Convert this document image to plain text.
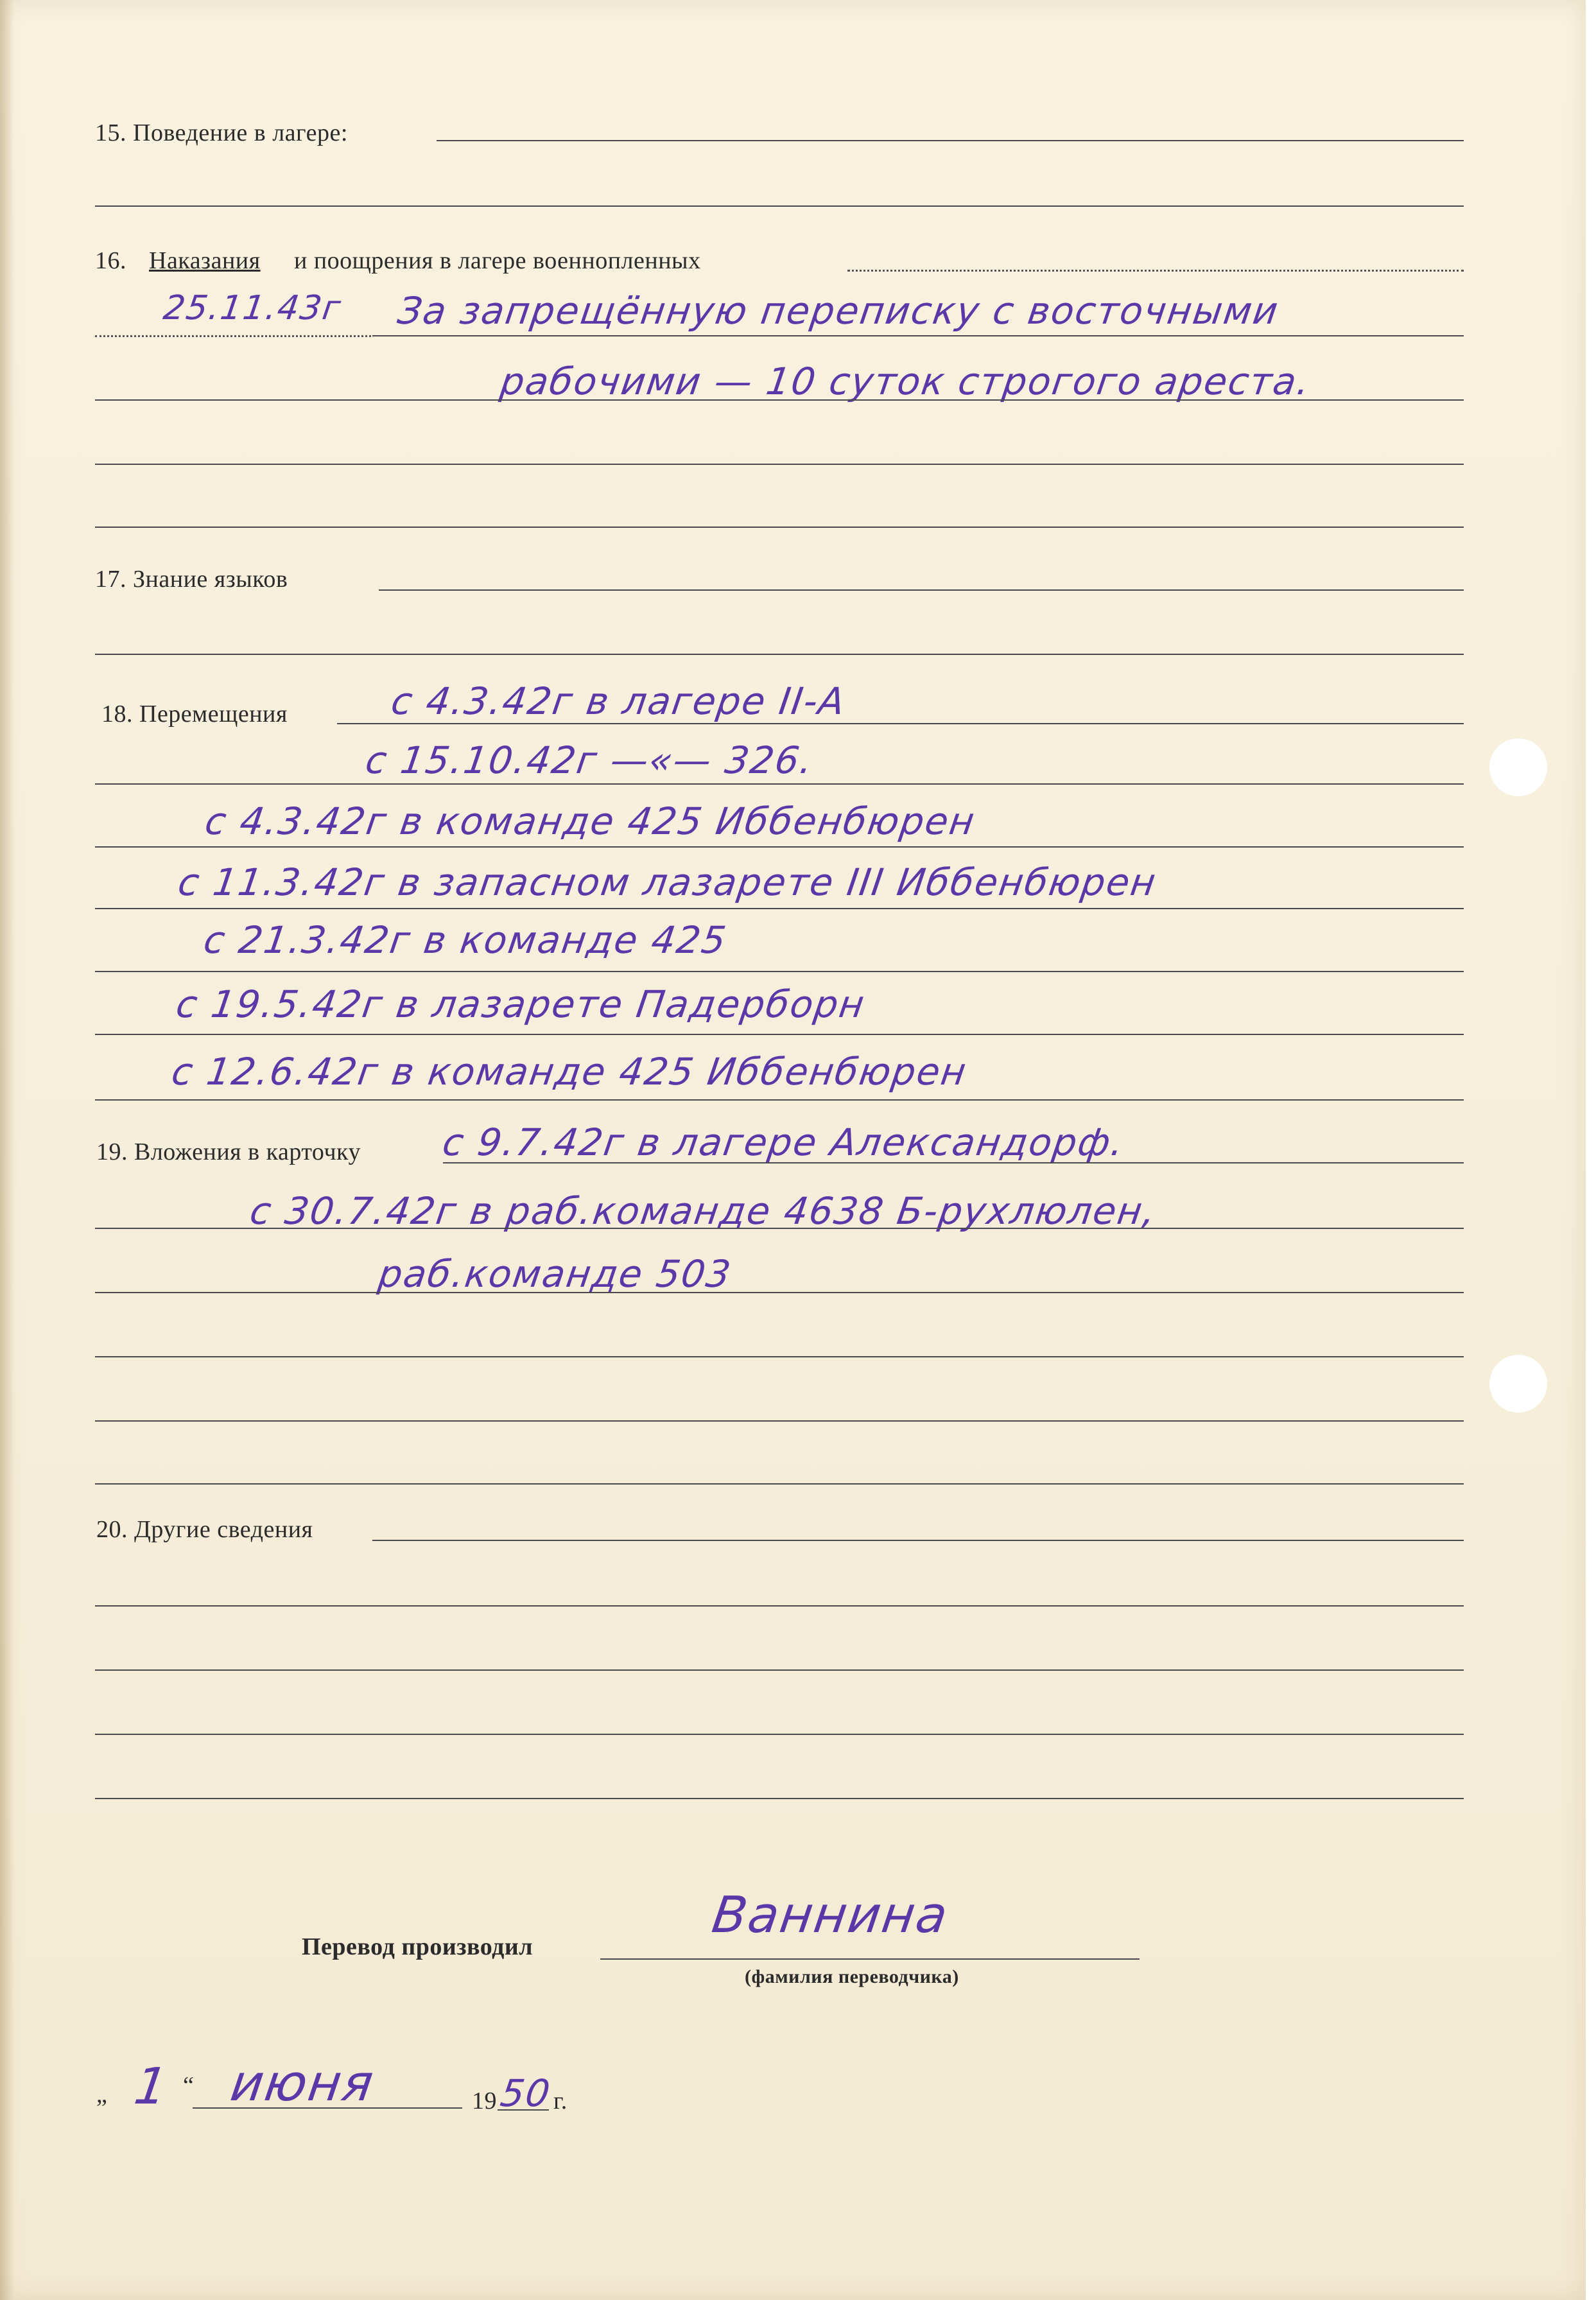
15. Поведение в лагере:
16. Наказания и поощрения в лагере военнопленных
25.11.43г За запрещённую переписку с восточными
рабочими — 10 суток строгого ареста.
17. Знание языков
18. Перемещения	с 4.3.42г в лагере II-А
с 15.10.42г —«— 326.
с 4.3.42г в команде 425 Иббенбюрен
с 11.3.42г в запасном лазарете III Иббенбюрен
с 21.3.42г в команде 425
с 19.5.42г в лазарете Падерборн
с 12.6.42г в команде 425 Иббенбюрен
19. Вложения в карточку с 9.7.42г в лагере Александорф.
с 30.7.42г в раб.команде 4638 Б-рухлюлен,
раб.команде 503
20. Другие сведения
Перевод производил
Ваннина
(фамилия переводчика)
„ 1 “ июня	19 50 г.
